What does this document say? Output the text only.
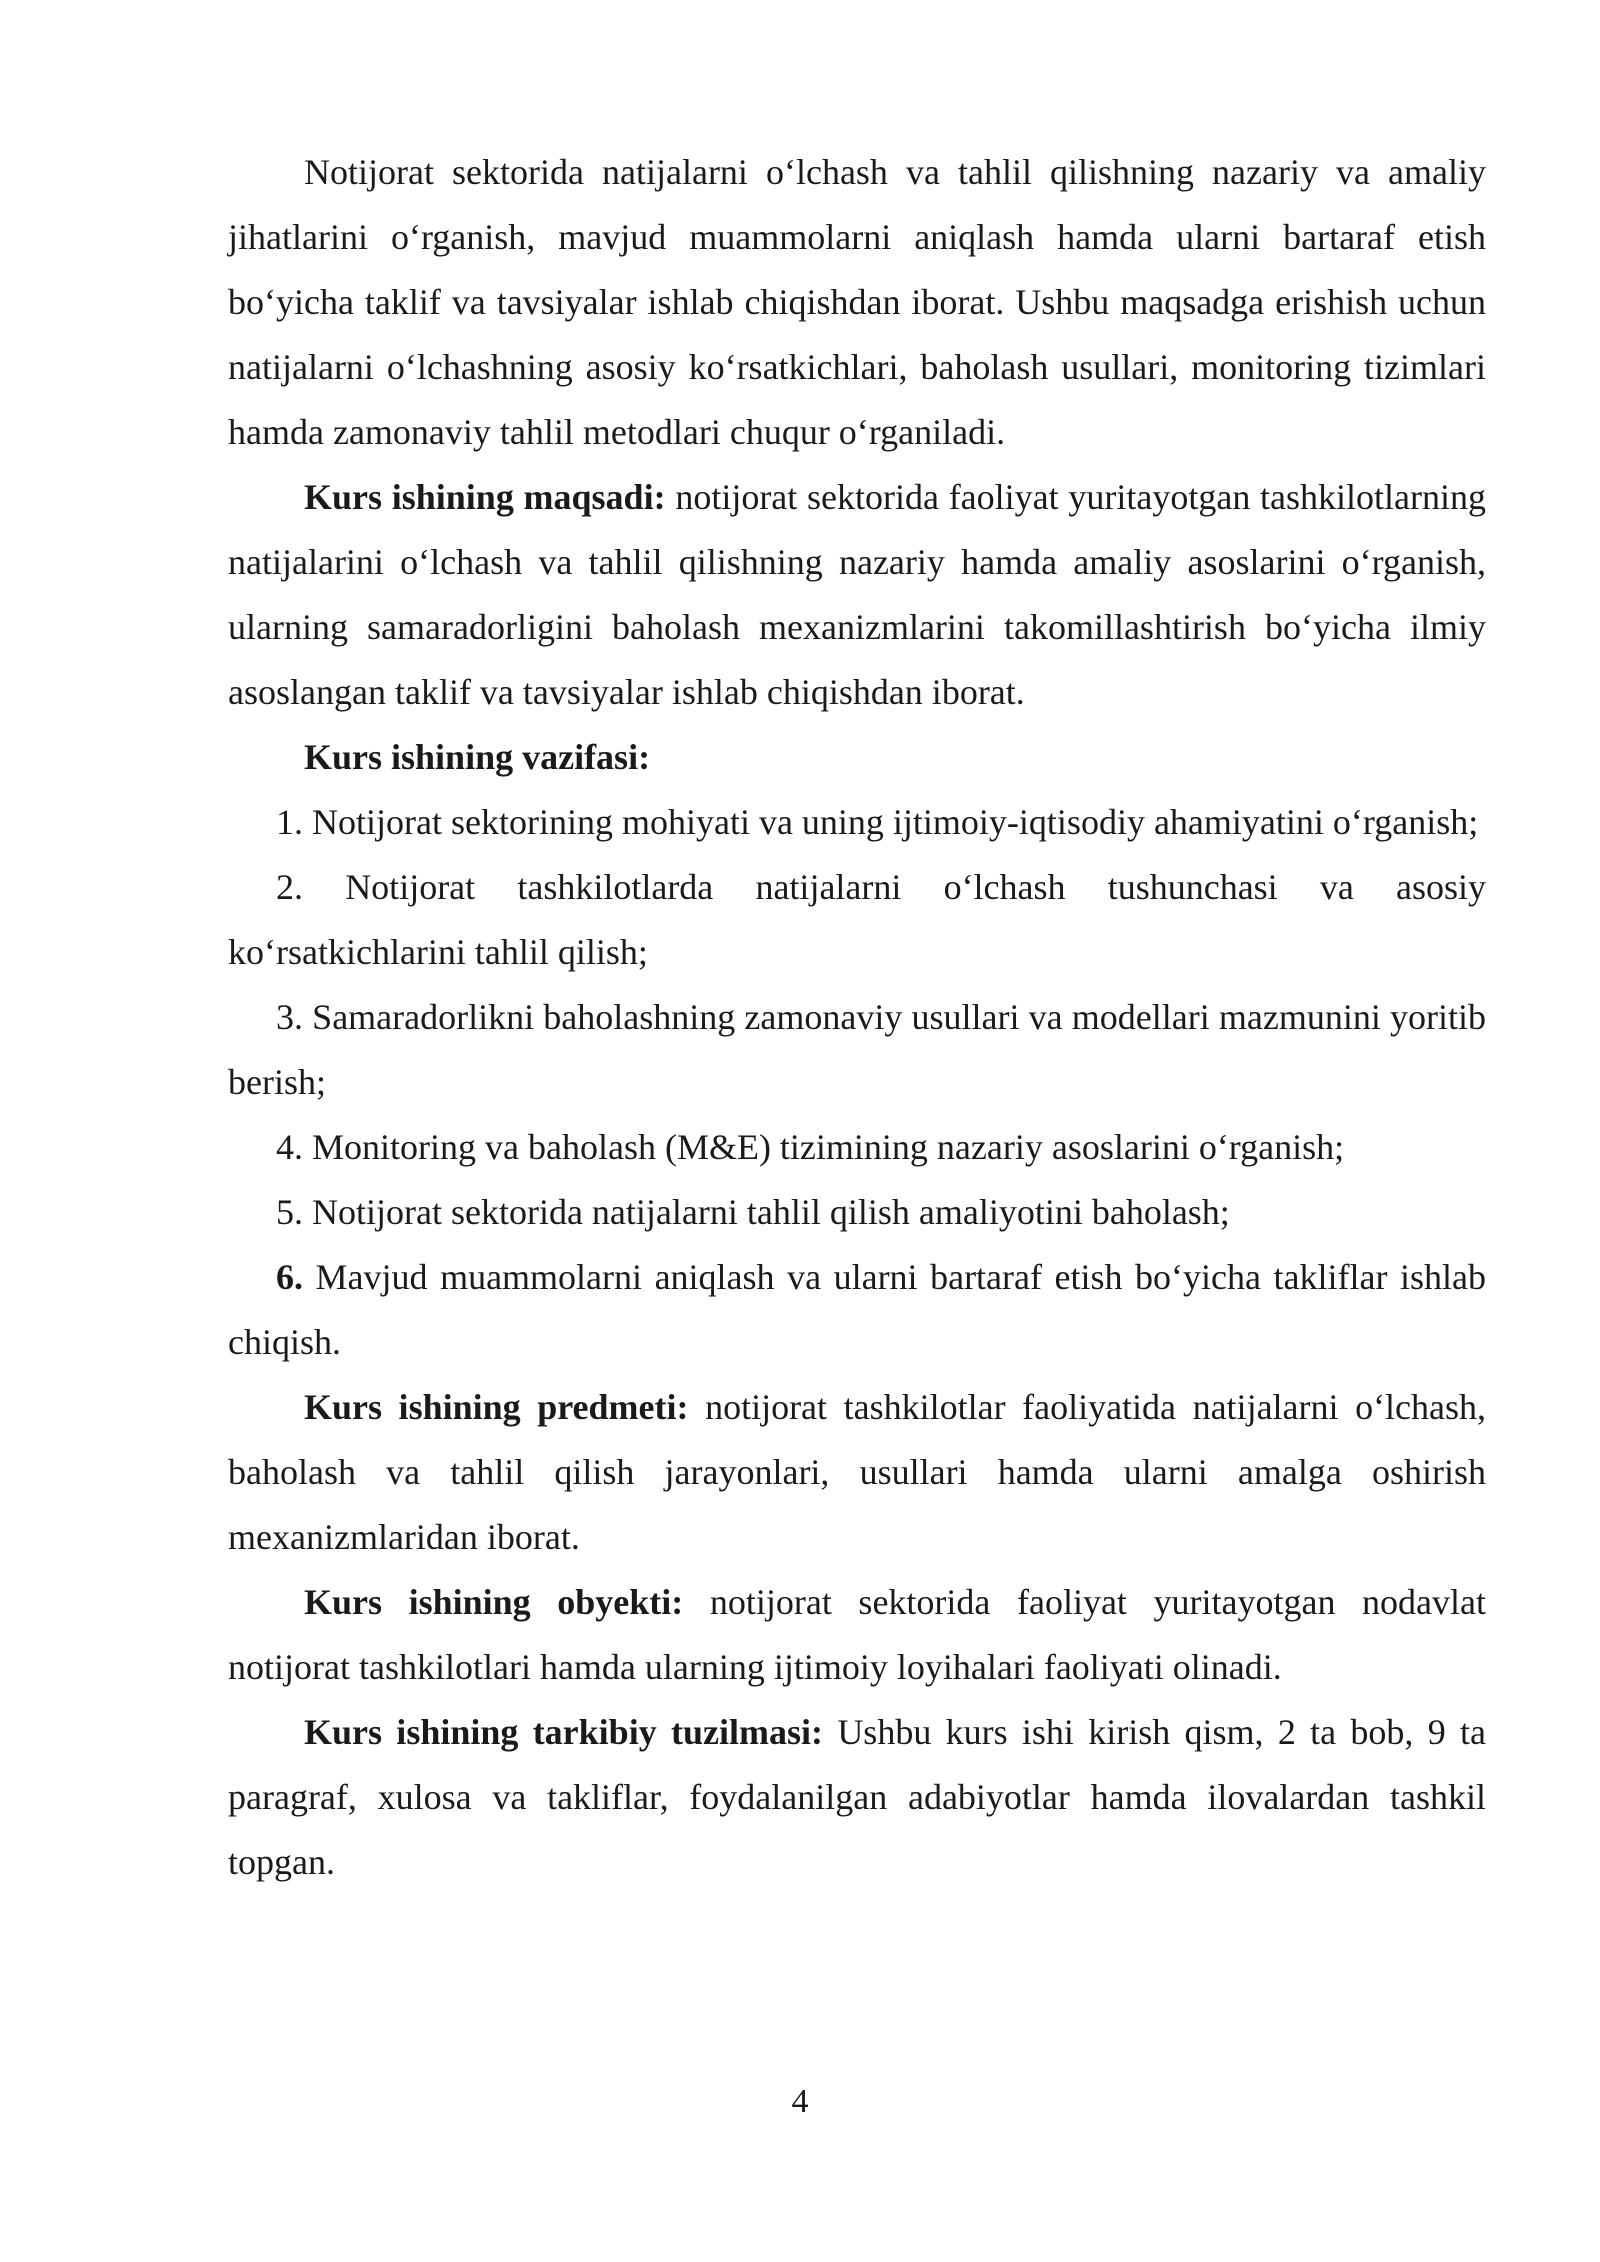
Notijorat sektorida natijalarni o‘lchash va tahlil qilishning nazariy va amaliy jihatlarini o‘rganish, mavjud muammolarni aniqlash hamda ularni bartaraf etish bo‘yicha taklif va tavsiyalar ishlab chiqishdan iborat. Ushbu maqsadga erishish uchun natijalarni o‘lchashning asosiy ko‘rsatkichlari, baholash usullari, monitoring tizimlari hamda zamonaviy tahlil metodlari chuqur o‘rganiladi.

Kurs ishining maqsadi: notijorat sektorida faoliyat yuritayotgan tashkilotlarning natijalarini o‘lchash va tahlil qilishning nazariy hamda amaliy asoslarini o‘rganish, ularning samaradorligini baholash mexanizmlarini takomillashtirish bo‘yicha ilmiy asoslangan taklif va tavsiyalar ishlab chiqishdan iborat.

Kurs ishining vazifasi:

1. Notijorat sektorining mohiyati va uning ijtimoiy-iqtisodiy ahamiyatini o‘rganish;

2. Notijorat tashkilotlarda natijalarni o‘lchash tushunchasi va asosiy ko‘rsatkichlarini tahlil qilish;

3. Samaradorlikni baholashning zamonaviy usullari va modellari mazmunini yoritib berish;

4. Monitoring va baholash (M&E) tizimining nazariy asoslarini o‘rganish;

5. Notijorat sektorida natijalarni tahlil qilish amaliyotini baholash;

6. Mavjud muammolarni aniqlash va ularni bartaraf etish bo‘yicha takliflar ishlab chiqish.

Kurs ishining predmeti: notijorat tashkilotlar faoliyatida natijalarni o‘lchash, baholash va tahlil qilish jarayonlari, usullari hamda ularni amalga oshirish mexanizmlaridan iborat.

Kurs ishining obyekti: notijorat sektorida faoliyat yuritayotgan nodavlat notijorat tashkilotlari hamda ularning ijtimoiy loyihalari faoliyati olinadi.

Kurs ishining tarkibiy tuzilmasi: Ushbu kurs ishi kirish qism, 2 ta bob, 9 ta paragraf, xulosa va takliflar, foydalanilgan adabiyotlar hamda ilovalardan tashkil topgan.

4
